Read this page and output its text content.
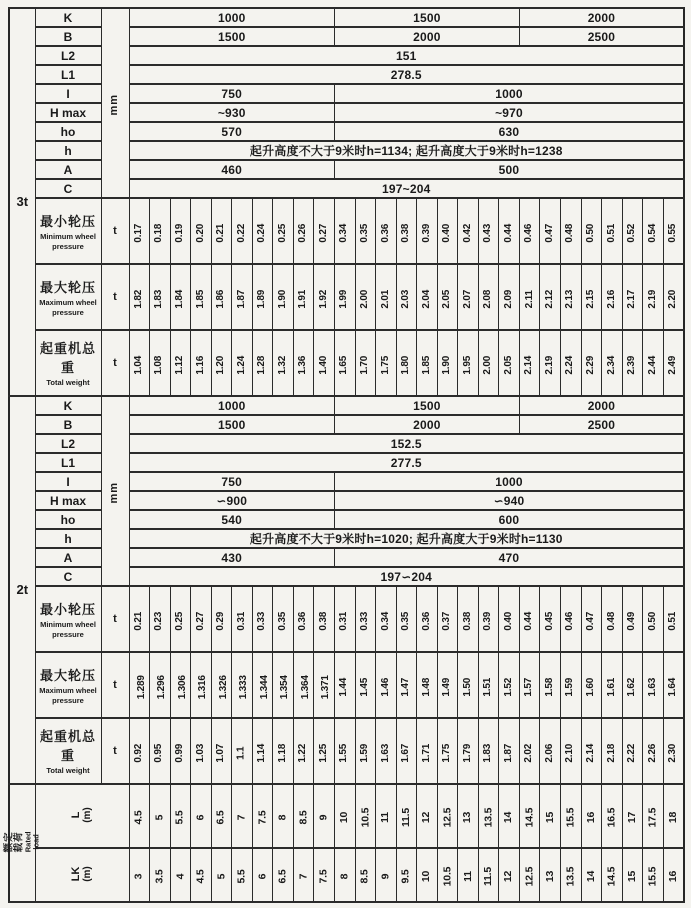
3t	K	mm	1000										1500									2000							
	B		1500										2000									2500							
	L2		151																										
	L1		278.5																										
	I		750										1000																
	H max		~930										~970																
	ho		570										630																
	h		起升高度不大于9米时h=1134; 起升高度大于9米时h=1238																										
	A		460										500																
	C		197~204																										

	最小轮压
Minimum wheel pressure	t	0.17	0.18	0.19	0.20	0.21	0.22	0.24	0.25	0.26	0.27	0.34	0.35	0.36	0.38	0.39	0.40	0.42	0.43	0.44	0.46	0.47	0.48	0.50	0.51	0.52	0.54	0.55

	最大轮压
Maximum wheel pressure	t	1.82	1.83	1.84	1.85	1.86	1.87	1.89	1.90	1.91	1.92	1.99	2.00	2.01	2.03	2.04	2.05	2.07	2.08	2.09	2.11	2.12	2.13	2.15	2.16	2.17	2.19	2.20

	起重机总重
Total weight	t	1.04	1.08	1.12	1.16	1.20	1.24	1.28	1.32	1.36	1.40	1.65	1.70	1.75	1.80	1.85	1.90	1.95	2.00	2.05	2.14	2.19	2.24	2.29	2.34	2.39	2.44	2.49
2t	K	mm	1000										1500									2000							
	B		1500										2000									2500							
	L2		152.5																										
	L1		277.5																										
	I		750										1000																
	H max		∽900										∽940																
	ho		540										600																
	h		起升高度不大于9米时h=1020; 起升高度大于9米时h=1130																										
	A		430										470																
	C		197∽204																										

	最小轮压
Minimum wheel pressure	t	0.21	0.23	0.25	0.27	0.29	0.31	0.33	0.35	0.36	0.38	0.31	0.33	0.34	0.35	0.36	0.37	0.38	0.39	0.40	0.44	0.45	0.46	0.47	0.48	0.49	0.50	0.51

	最大轮压
Maximum wheel pressure	t	1.289	1.296	1.306	1.316	1.326	1.333	1.344	1.354	1.364	1.371	1.44	1.45	1.46	1.47	1.48	1.49	1.50	1.51	1.52	1.57	1.58	1.59	1.60	1.61	1.62	1.63	1.64

	起重机总重
Total weight	t	0.92	0.95	0.99	1.03	1.07	1.1	1.14	1.18	1.22	1.25	1.55	1.59	1.63	1.67	1.71	1.75	1.79	1.83	1.87	2.02	2.06	2.10	2.14	2.18	2.22	2.26	2.30

额定载荷
Rated load	L (m)		4.5	5	5.5	6	6.5	7	7.5	8	8.5	9	10	10.5	11	11.5	12	12.5	13	13.5	14	14.5	15	15.5	16	16.5	17	17.5	18

	LK (m)		3	3.5	4	4.5	5	5.5	6	6.5	7	7.5	8	8.5	9	9.5	10	10.5	11	11.5	12	12.5	13	13.5	14	14.5	15	15.5	16
